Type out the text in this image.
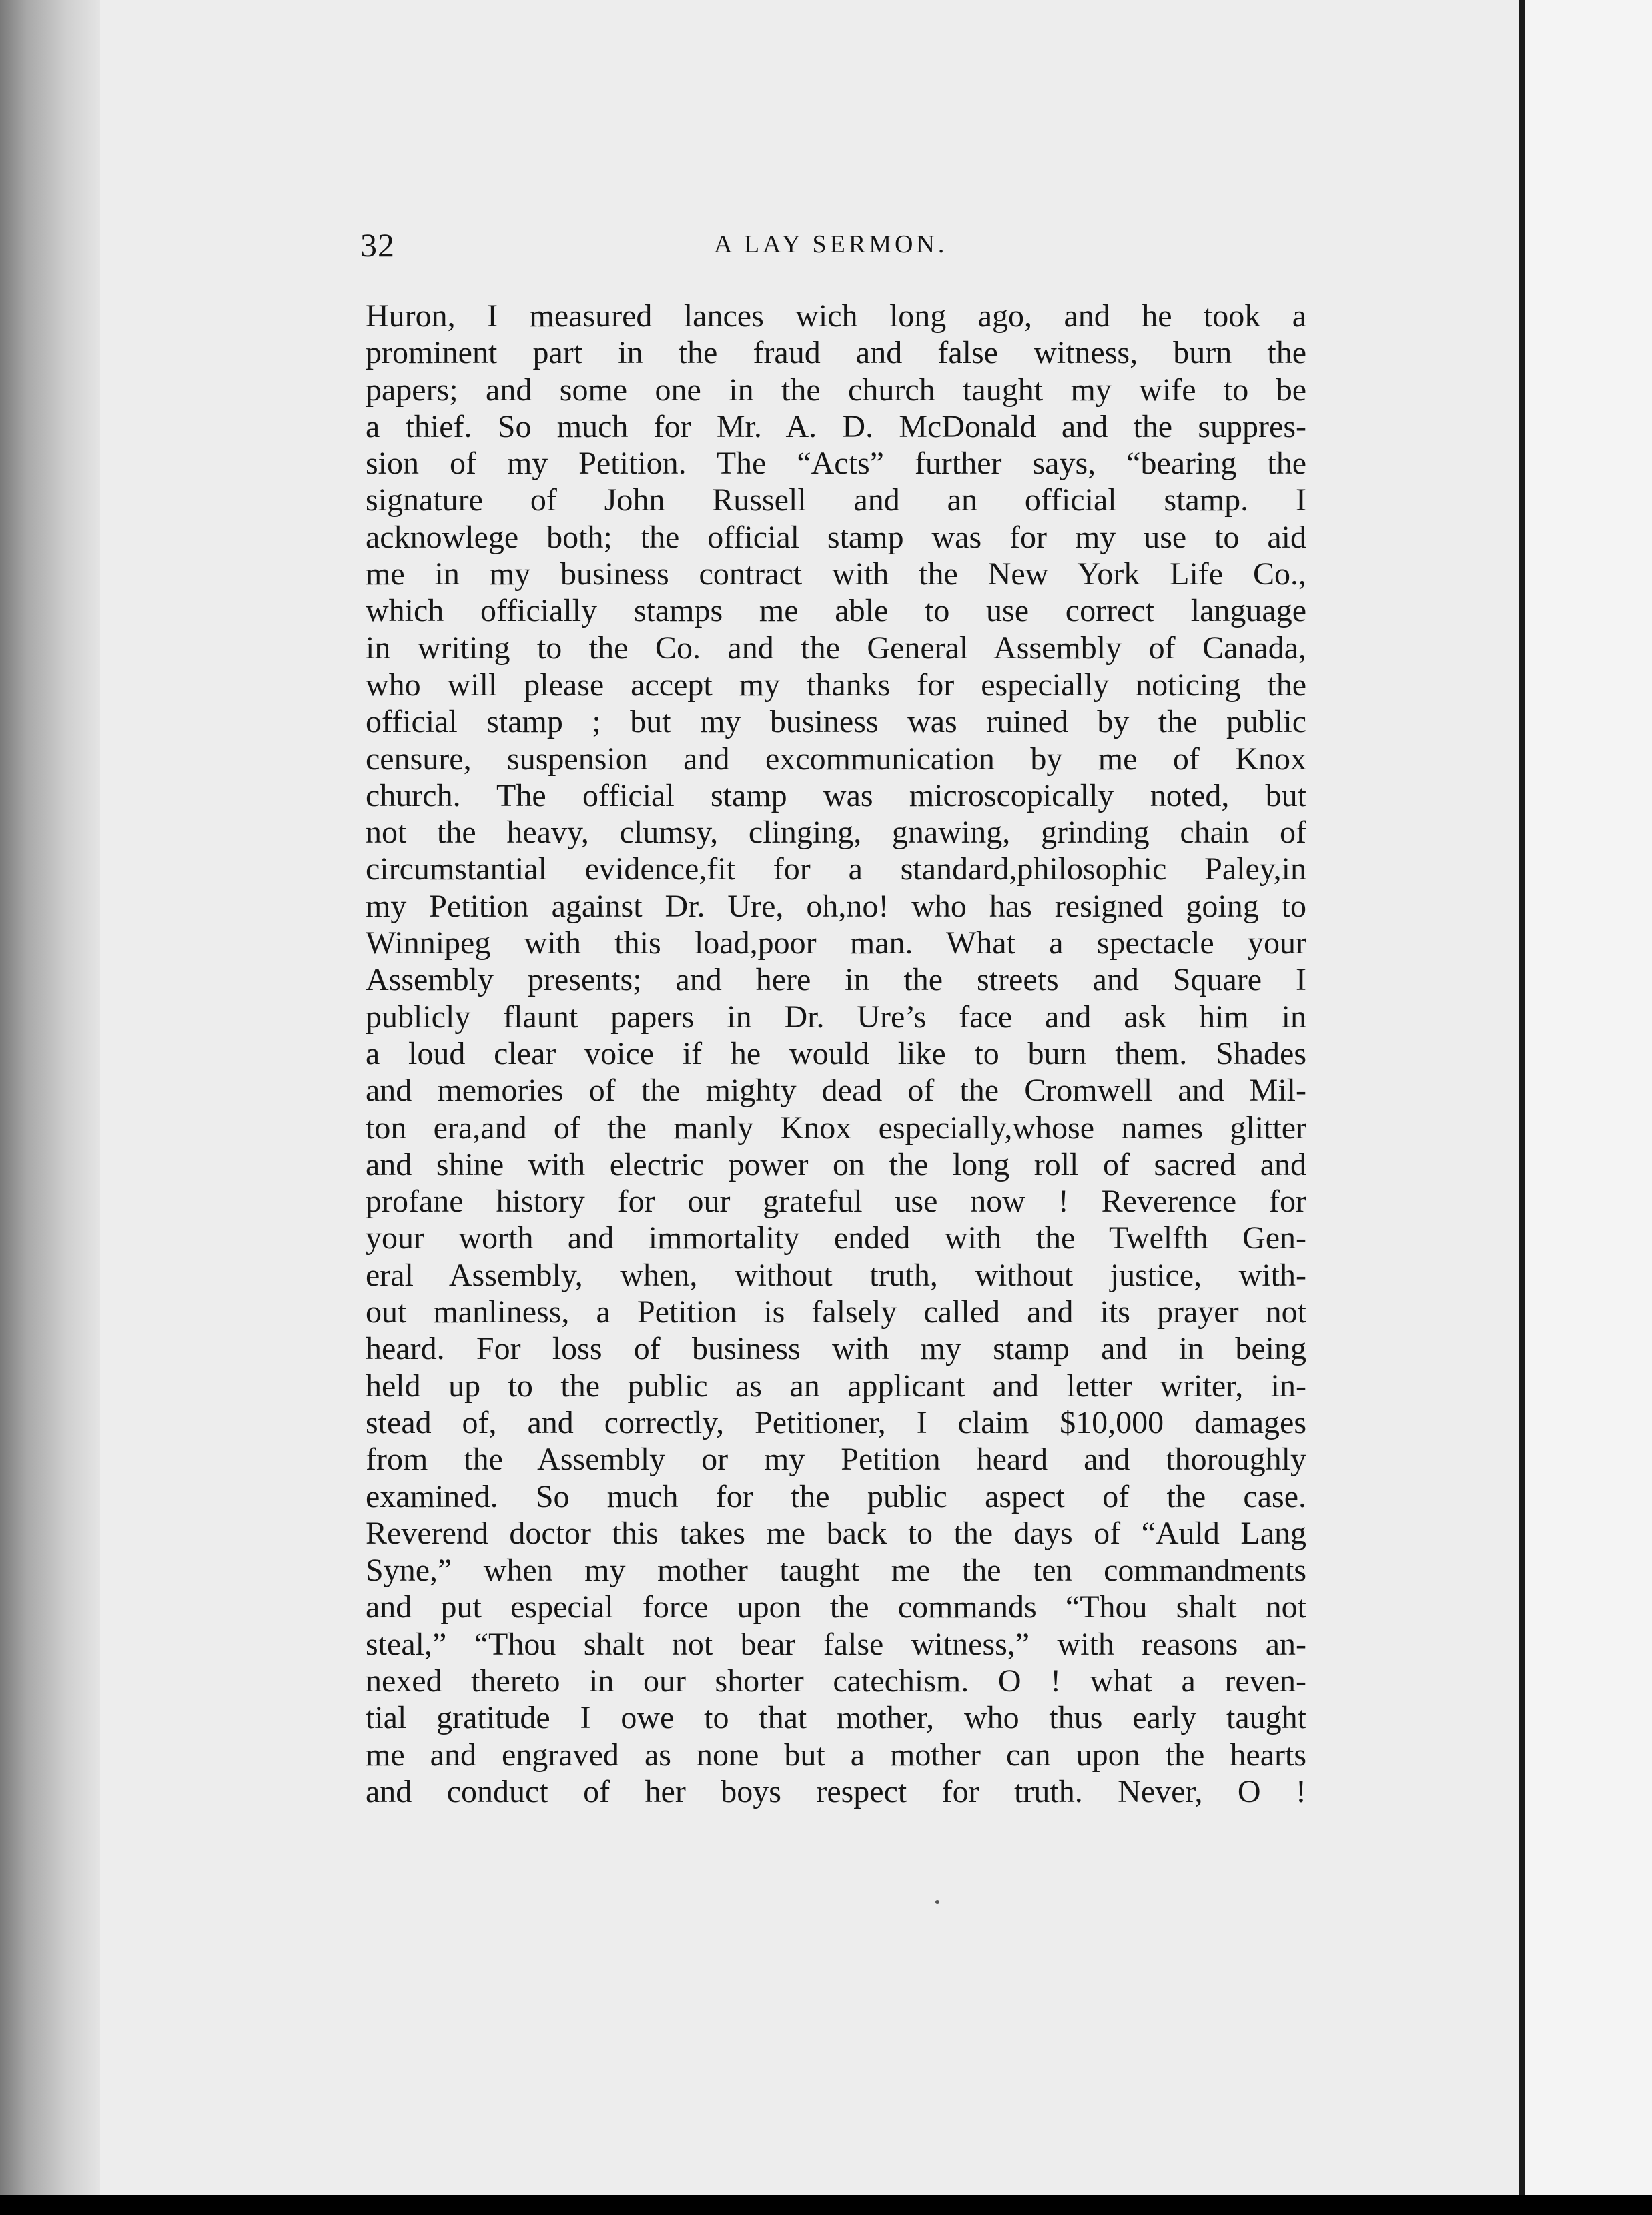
32	A LAY SERMON.
Huron, I measured lances wich long ago, and he took a
prominent part in the fraud and false witness, burn the
papers; and some one in the church taught my wife to be
a thief. So much for Mr. A. D. McDonald and the suppres-
sion of my Petition. The “Acts” further says, “bearing the
signature of John Russell and an official stamp. I
acknowlege both; the official stamp was for my use to aid
me in my business contract with the New York Life Co.,
which officially stamps me able to use correct language
in writing to the Co. and the General Assembly of Canada,
who will please accept my thanks for especially noticing the
official stamp ; but my business was ruined by the public
censure, suspension and excommunication by me of Knox
church. The official stamp was microscopically noted, but
not the heavy, clumsy, clinging, gnawing, grinding chain of
circumstantial evidence,fit for a standard,philosophic Paley,in
my Petition against Dr. Ure, oh,no! who has resigned going to
Winnipeg with this load,poor man. What a spectacle your
Assembly presents; and here in the streets and Square I
publicly flaunt papers in Dr. Ure’s face and ask him in
a loud clear voice if he would like to burn them. Shades
and memories of the mighty dead of the Cromwell and Mil-
ton era,and of the manly Knox especially,whose names glitter
and shine with electric power on the long roll of sacred and
profane history for our grateful use now ! Reverence for
your worth and immortality ended with the Twelfth Gen-
eral Assembly, when, without truth, without justice, with-
out manliness, a Petition is falsely called and its prayer not
heard. For loss of business with my stamp and in being
held up to the public as an applicant and letter writer, in-
stead of, and correctly, Petitioner, I claim $10,000 damages
from the Assembly or my Petition heard and thoroughly
examined. So much for the public aspect of the case.
Reverend doctor this takes me back to the days of “Auld Lang
Syne,” when my mother taught me the ten commandments
and put especial force upon the commands “Thou shalt not
steal,” “Thou shalt not bear false witness,” with reasons an-
nexed thereto in our shorter catechism. O ! what a reven-
tial gratitude I owe to that mother, who thus early taught
me and engraved as none but a mother can upon the hearts
and conduct of her boys respect for truth. Never, O !
